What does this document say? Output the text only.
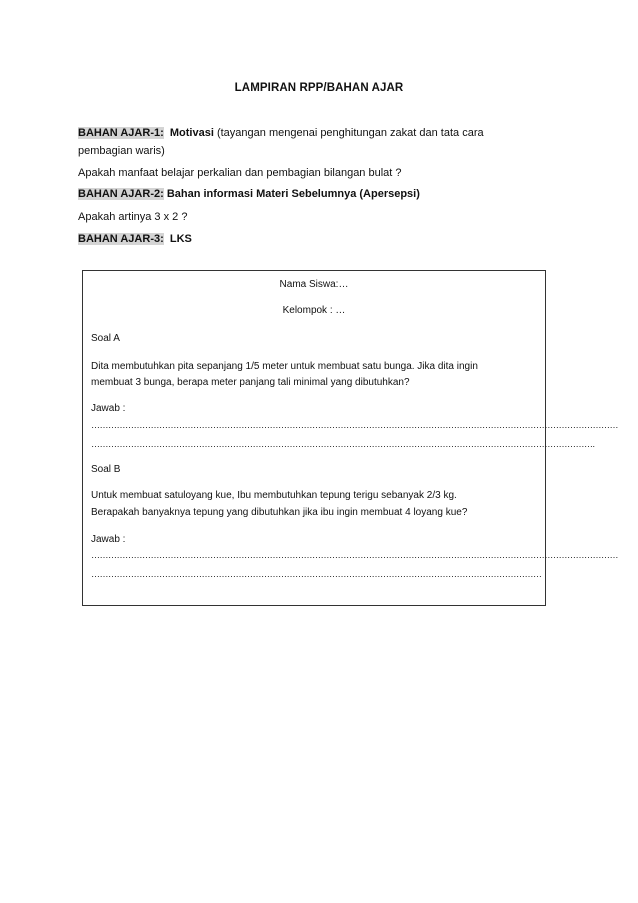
LAMPIRAN RPP/BAHAN AJAR
BAHAN AJAR-1: Motivasi (tayangan mengenai penghitungan zakat dan tata cara
pembagian waris)
Apakah manfaat belajar perkalian dan pembagian bilangan bulat ?
BAHAN AJAR-2: Bahan informasi Materi Sebelumnya (Apersepsi)
Apakah artinya 3 x 2 ?
BAHAN AJAR-3: LKS
Nama Siswa:…
Kelompok : …
Soal A
Dita membutuhkan pita sepanjang 1/5 meter untuk membuat satu bunga. Jika dita ingin
membuat 3 bunga, berapa meter panjang tali minimal yang dibutuhkan?
Jawab :
……………………………………………………………………………………………………………………………………………………………………
…………………………………………………………………………………………………………………………………………………………….
Soal B
Untuk membuat satuloyang kue, Ibu membutuhkan tepung terigu sebanyak 2/3 kg.
Berapakah banyaknya tepung yang dibutuhkan jika ibu ingin membuat 4 loyang kue?
Jawab :
……………………………………………………………………………………………………………………………………………………………………
……………………………………………………………………………………………………………………………………………
